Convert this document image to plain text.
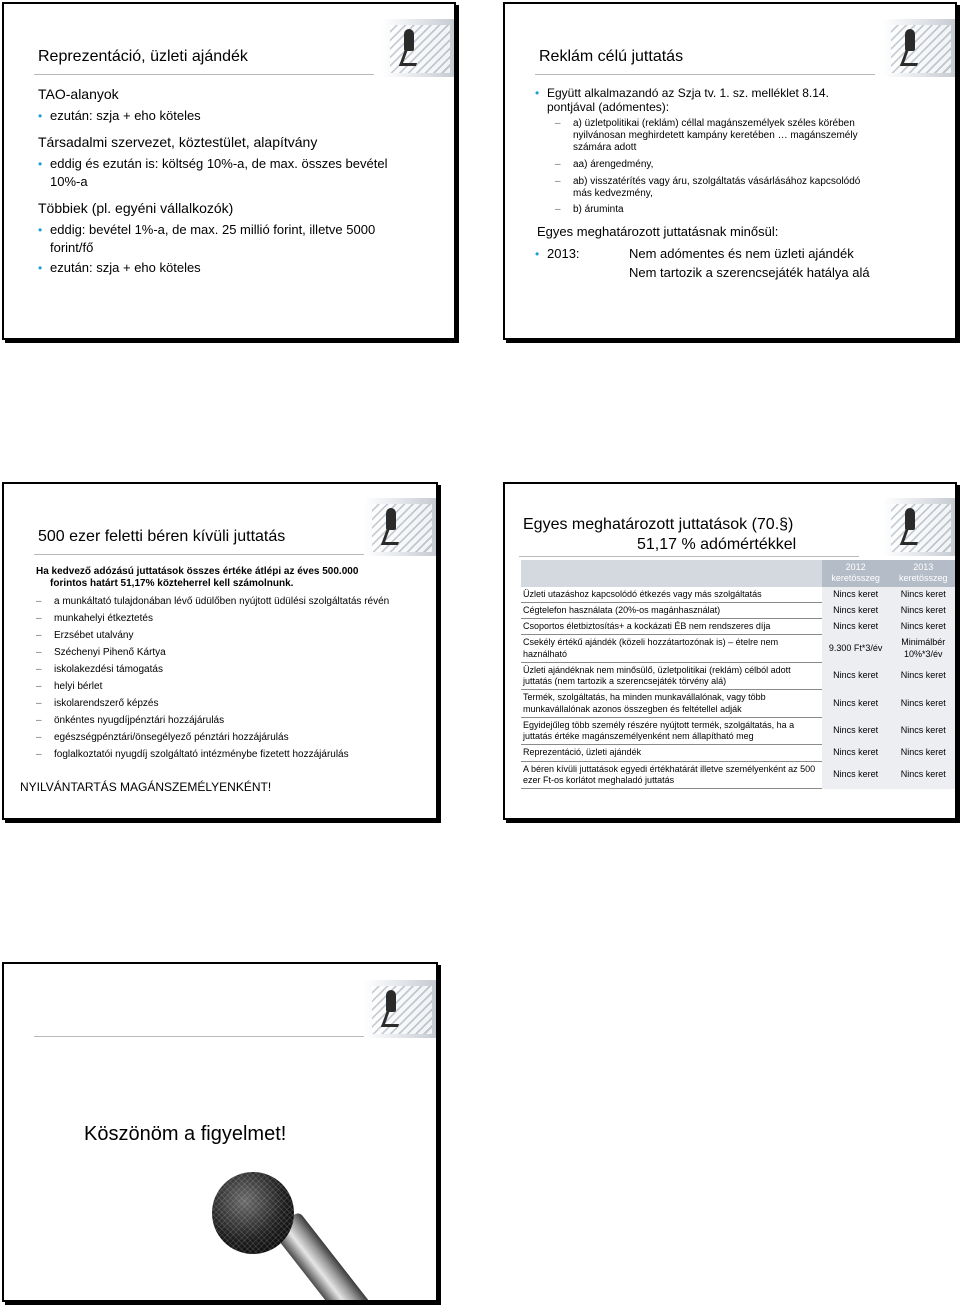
Reprezentáció, üzleti ajándék
TAO-alanyok
• ezután: szja + eho köteles
Társadalmi szervezet, köztestület, alapítvány
• eddig és ezután is: költség 10%-a, de max. összes bevétel
10%-a
Többiek (pl. egyéni vállalkozók)
• eddig: bevétel 1%-a, de max. 25 millió forint, illetve 5000
forint/fő
• ezután: szja + eho köteles
Reklám célú juttatás
• Együtt alkalmazandó az Szja tv. 1. sz. melléklet 8.14.
pontjával (adómentes):
– a) üzletpolitikai (reklám) céllal magánszemélyek széles körében
nyilvánosan meghirdetett kampány keretében … magánszemély
számára adott
– aa) árengedmény,
– ab) visszatérítés vagy áru, szolgáltatás vásárlásához kapcsolódó
más kedvezmény,
– b) áruminta
Egyes meghatározott juttatásnak minősül:
• 2013:	Nem adómentes és nem üzleti ajándék
Nem tartozik a szerencsejáték hatálya alá
500 ezer feletti béren kívüli juttatás
Ha kedvező adózású juttatások összes értéke átlépi az éves 500.000
forintos határt 51,17% közteherrel kell számolnunk.
– a munkáltató tulajdonában lévő üdülőben nyújtott üdülési szolgáltatás révén
– munkahelyi étkeztetés
– Erzsébet utalvány
– Széchenyi Pihenő Kártya
– iskolakezdési támogatás
– helyi bérlet
– iskolarendszerő képzés
– önkéntes nyugdíjpénztári hozzájárulás
– egészségpénztári/önsegélyező pénztári hozzájárulás
– foglalkoztatói nyugdíj szolgáltató intézménybe fizetett hozzájárulás
NYILVÁNTARTÁS MAGÁNSZEMÉLYENKÉNT!
Egyes meghatározott juttatások (70.§)
51,17 % adómértékkel
	2012
keretösszeg	2013
keretösszeg
Üzleti utazáshoz kapcsolódó étkezés vagy más szolgáltatás	Nincs keret	Nincs keret
Cégtelefon használata (20%-os magánhasználat)	Nincs keret	Nincs keret
Csoportos életbiztosítás+ a kockázati ÉB nem rendszeres díja	Nincs keret	Nincs keret
Csekély értékű ajándék (közeli hozzátartozónak is) – ételre nem haználható	9.300 Ft*3/év	Minimálbér 10%*3/év
Üzleti ajándéknak nem minősülő, üzletpolitikai (reklám) célból adott juttatás (nem tartozik a szerencsejáték törvény alá)	Nincs keret	Nincs keret
Termék, szolgáltatás, ha minden munkavállalónak, vagy több munkavállalónak azonos összegben és feltétellel adják	Nincs keret	Nincs keret
Egyidejűleg több személy részére nyújtott termék, szolgáltatás, ha a juttatás értéke magánszemélyenként nem állapítható meg	Nincs keret	Nincs keret
Reprezentáció, üzleti ajándék	Nincs keret	Nincs keret
A béren kívüli juttatások egyedi értékhatárát illetve személyenként az 500 ezer Ft-os korlátot meghaladó juttatás	Nincs keret	Nincs keret
Köszönöm a figyelmet!
